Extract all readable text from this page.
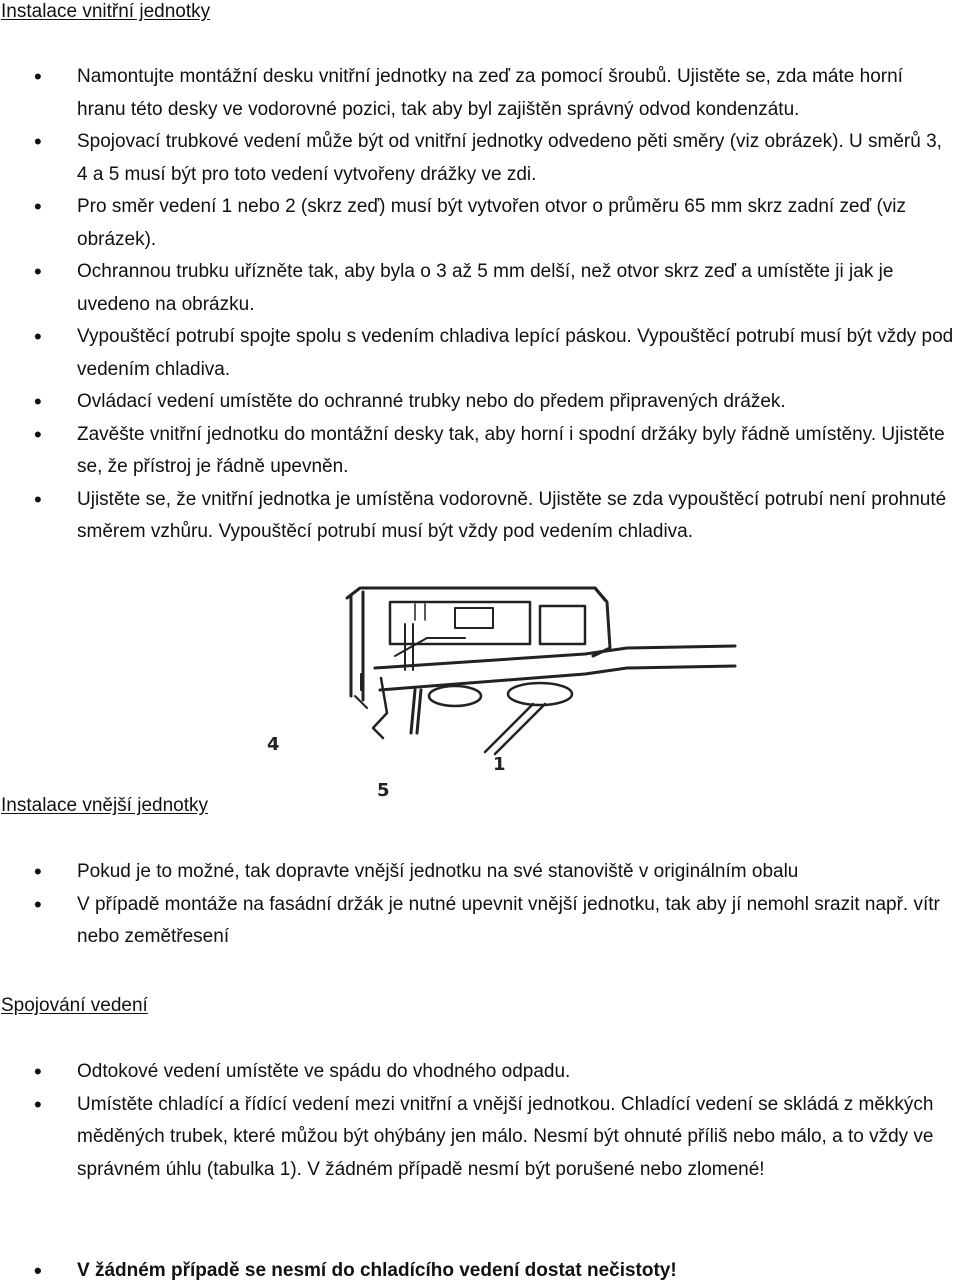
Instalace vnitřní jednotky
• Namontujte montážní desku vnitřní jednotky na zeď za pomocí šroubů. Ujistěte se, zda máte horní hranu této desky ve vodorovné pozici, tak aby byl zajištěn správný odvod kondenzátu.
• Spojovací trubkové vedení může být od vnitřní jednotky odvedeno pěti směry (viz obrázek). U směrů 3, 4 a 5 musí být pro toto vedení vytvořeny drážky ve zdi.
• Pro směr vedení 1 nebo 2 (skrz zeď) musí být vytvořen otvor o průměru 65 mm skrz zadní zeď (viz obrázek).
• Ochrannou trubku uřízněte tak, aby byla o 3 až 5 mm delší, než otvor skrz zeď a umístěte ji jak je uvedeno na obrázku.
• Vypouštěcí potrubí spojte spolu s vedením chladiva lepící páskou. Vypouštěcí potrubí musí být vždy pod vedením chladiva.
• Ovládací vedení umístěte do ochranné trubky nebo do předem připravených drážek.
• Zavěšte vnitřní jednotku do montážní desky tak, aby horní i spodní držáky byly řádně umístěny. Ujistěte se, že přístroj je řádně upevněn.
• Ujistěte se, že vnitřní jednotka je umístěna vodorovně. Ujistěte se zda vypouštěcí potrubí není prohnuté směrem vzhůru. Vypouštěcí potrubí musí být vždy pod vedením chladiva.
4
1
5
Instalace vnější jednotky
• Pokud je to možné, tak dopravte vnější jednotku na své stanoviště v originálním obalu
• V případě montáže na fasádní držák je nutné upevnit vnější jednotku, tak aby jí nemohl srazit např. vítr nebo zemětřesení
Spojování vedení
• Odtokové vedení umístěte ve spádu do vhodného odpadu.
• Umístěte chladící a řídící vedení mezi vnitřní a vnější jednotkou. Chladící vedení se skládá z měkkých měděných trubek, které můžou být ohýbány jen málo. Nesmí být ohnuté příliš nebo málo, a to vždy ve správném úhlu (tabulka 1). V žádném případě nesmí být porušené nebo zlomené!
• V žádném případě se nesmí do chladícího vedení dostat nečistoty!
